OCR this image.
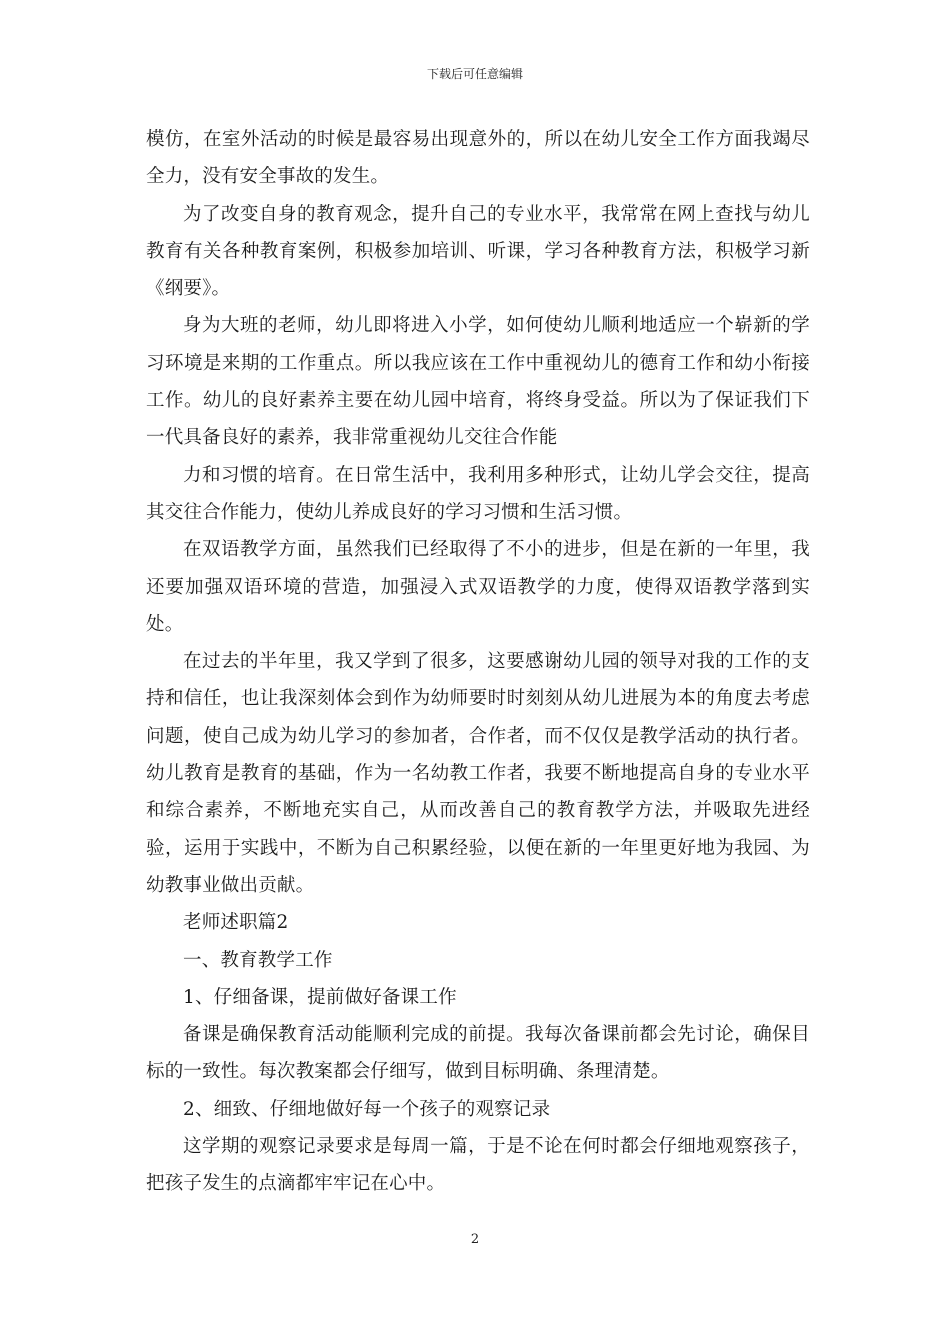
下载后可任意编辑

模仿，在室外活动的时候是最容易出现意外的，所以在幼儿安全工作方面我竭尽全力，没有安全事故的发生。

为了改变自身的教育观念，提升自己的专业水平，我常常在网上查找与幼儿教育有关各种教育案例，积极参加培训、听课，学习各种教育方法，积极学习新《纲要》。

身为大班的老师，幼儿即将进入小学，如何使幼儿顺利地适应一个崭新的学习环境是来期的工作重点。所以我应该在工作中重视幼儿的德育工作和幼小衔接工作。幼儿的良好素养主要在幼儿园中培育，将终身受益。所以为了保证我们下一代具备良好的素养，我非常重视幼儿交往合作能

力和习惯的培育。在日常生活中，我利用多种形式，让幼儿学会交往，提高其交往合作能力，使幼儿养成良好的学习习惯和生活习惯。

在双语教学方面，虽然我们已经取得了不小的进步，但是在新的一年里，我还要加强双语环境的营造，加强浸入式双语教学的力度，使得双语教学落到实处。

在过去的半年里，我又学到了很多，这要感谢幼儿园的领导对我的工作的支持和信任，也让我深刻体会到作为幼师要时时刻刻从幼儿进展为本的角度去考虑问题，使自己成为幼儿学习的参加者，合作者，而不仅仅是教学活动的执行者。幼儿教育是教育的基础，作为一名幼教工作者，我要不断地提高自身的专业水平和综合素养，不断地充实自己，从而改善自己的教育教学方法，并吸取先进经验，运用于实践中，不断为自己积累经验，以便在新的一年里更好地为我园、为幼教事业做出贡献。

老师述职篇2

一、教育教学工作

1、仔细备课，提前做好备课工作

备课是确保教育活动能顺利完成的前提。我每次备课前都会先讨论，确保目标的一致性。每次教案都会仔细写，做到目标明确、条理清楚。

2、细致、仔细地做好每一个孩子的观察记录

这学期的观察记录要求是每周一篇，于是不论在何时都会仔细地观察孩子，把孩子发生的点滴都牢牢记在心中。

2
